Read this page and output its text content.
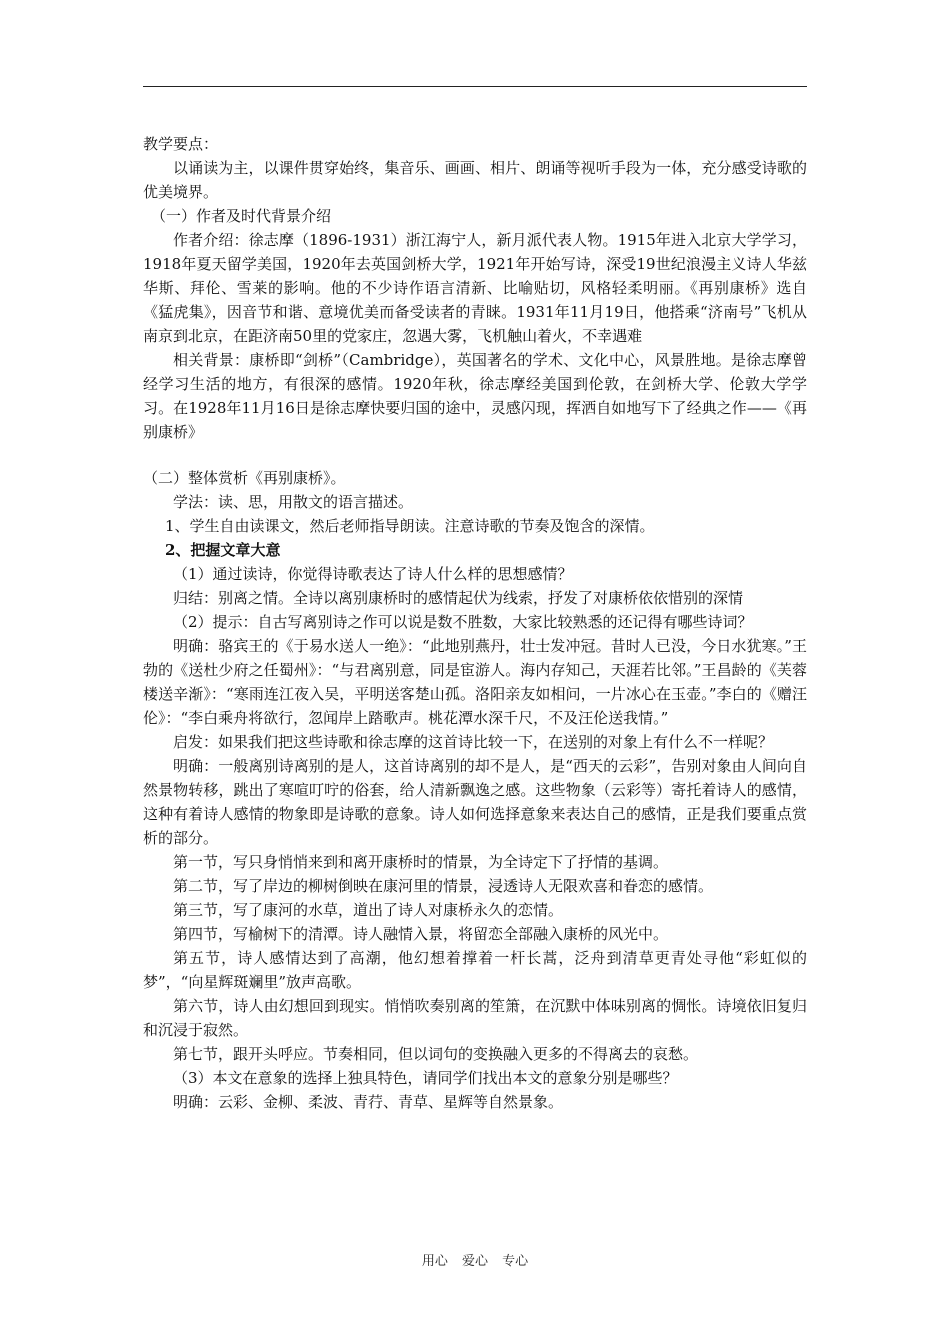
教学要点：

以诵读为主，以课件贯穿始终，集音乐、画画、相片、朗诵等视听手段为一体，充分感受诗歌的优美境界。

（一）作者及时代背景介绍

作者介绍：徐志摩（1896-1931）浙江海宁人，新月派代表人物。1915年进入北京大学学习，1918年夏天留学美国，1920年去英国剑桥大学，1921年开始写诗，深受19世纪浪漫主义诗人华兹华斯、拜伦、雪莱的影响。他的不少诗作语言清新、比喻贴切，风格轻柔明丽。《再别康桥》选自《猛虎集》，因音节和谐、意境优美而备受读者的青睐。1931年11月19日，他搭乘“济南号”飞机从南京到北京，在距济南50里的党家庄，忽遇大雾，飞机触山着火，不幸遇难

相关背景：康桥即“剑桥”（Cambridge），英国著名的学术、文化中心，风景胜地。是徐志摩曾经学习生活的地方，有很深的感情。1920年秋，徐志摩经美国到伦敦，在剑桥大学、伦敦大学学习。在1928年11月16日是徐志摩快要归国的途中，灵感闪现，挥洒自如地写下了经典之作——《再别康桥》

（二）整体赏析《再别康桥》。

学法：读、思，用散文的语言描述。

1、学生自由读课文，然后老师指导朗读。注意诗歌的节奏及饱含的深情。

2、把握文章大意

（1）通过读诗，你觉得诗歌表达了诗人什么样的思想感情？

归结：别离之情。全诗以离别康桥时的感情起伏为线索，抒发了对康桥依依惜别的深情

（2）提示：自古写离别诗之作可以说是数不胜数，大家比较熟悉的还记得有哪些诗词？

明确：骆宾王的《于易水送人一绝》：“此地别燕丹，壮士发冲冠。昔时人已没，今日水犹寒。”王勃的《送杜少府之任蜀州》：“与君离别意，同是宦游人。海内存知己，天涯若比邻。”王昌龄的《芙蓉楼送辛渐》：“寒雨连江夜入吴，平明送客楚山孤。洛阳亲友如相问，一片冰心在玉壶。”李白的《赠汪伦》：“李白乘舟将欲行，忽闻岸上踏歌声。桃花潭水深千尺，不及汪伦送我情。”

启发：如果我们把这些诗歌和徐志摩的这首诗比较一下，在送别的对象上有什么不一样呢？

明确：一般离别诗离别的是人，这首诗离别的却不是人，是“西天的云彩”，告别对象由人间向自然景物转移，跳出了寒喧叮咛的俗套，给人清新飘逸之感。这些物象（云彩等）寄托着诗人的感情，这种有着诗人感情的物象即是诗歌的意象。诗人如何选择意象来表达自己的感情，正是我们要重点赏析的部分。

第一节，写只身悄悄来到和离开康桥时的情景，为全诗定下了抒情的基调。

第二节，写了岸边的柳树倒映在康河里的情景，浸透诗人无限欢喜和眷恋的感情。

第三节，写了康河的水草，道出了诗人对康桥永久的恋情。

第四节，写榆树下的清潭。诗人融情入景，将留恋全部融入康桥的风光中。

第五节，诗人感情达到了高潮，他幻想着撑着一杆长蒿，泛舟到清草更青处寻他“彩虹似的梦”，“向星辉斑斓里”放声高歌。

第六节，诗人由幻想回到现实。悄悄吹奏别离的笙箫，在沉默中体味别离的惆怅。诗境依旧复归和沉浸于寂然。

第七节，跟开头呼应。节奏相同，但以词句的变换融入更多的不得离去的哀愁。

（3）本文在意象的选择上独具特色，请同学们找出本文的意象分别是哪些？

明确：云彩、金柳、柔波、青荇、青草、星辉等自然景象。

用心 爱心 专心
